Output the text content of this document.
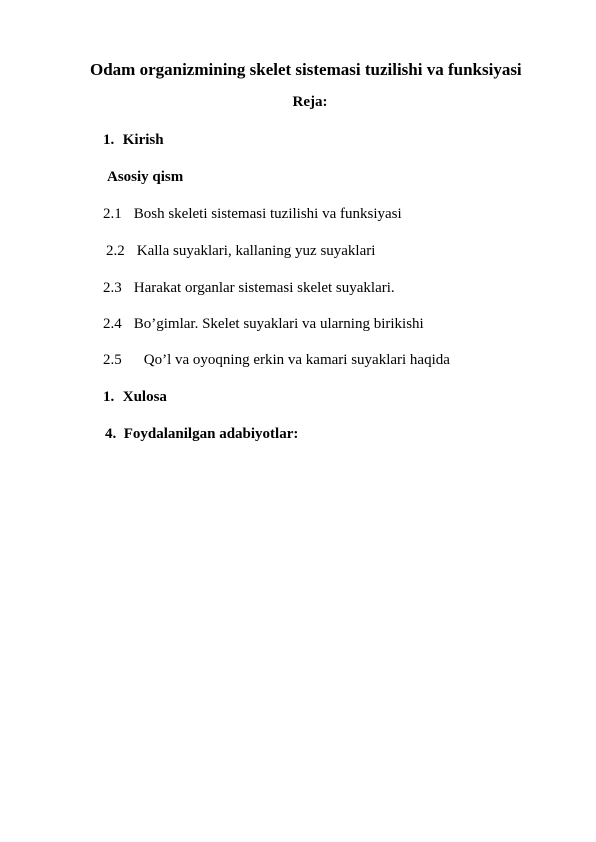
Odam organizmining skelet sistemasi tuzilishi va funksiyasi
Reja:
1. Kirish
Asosiy qism
2.1 Bosh skeleti sistemasi tuzilishi va funksiyasi
2.2 Kalla suyaklari, kallaning yuz suyaklari
2.3 Harakat organlar sistemasi skelet suyaklari.
2.4 Bo’gimlar. Skelet suyaklari va ularning birikishi
2.5 Qo’l va oyoqning erkin va kamari suyaklari haqida
1. Xulosa
4. Foydalanilgan adabiyotlar:
